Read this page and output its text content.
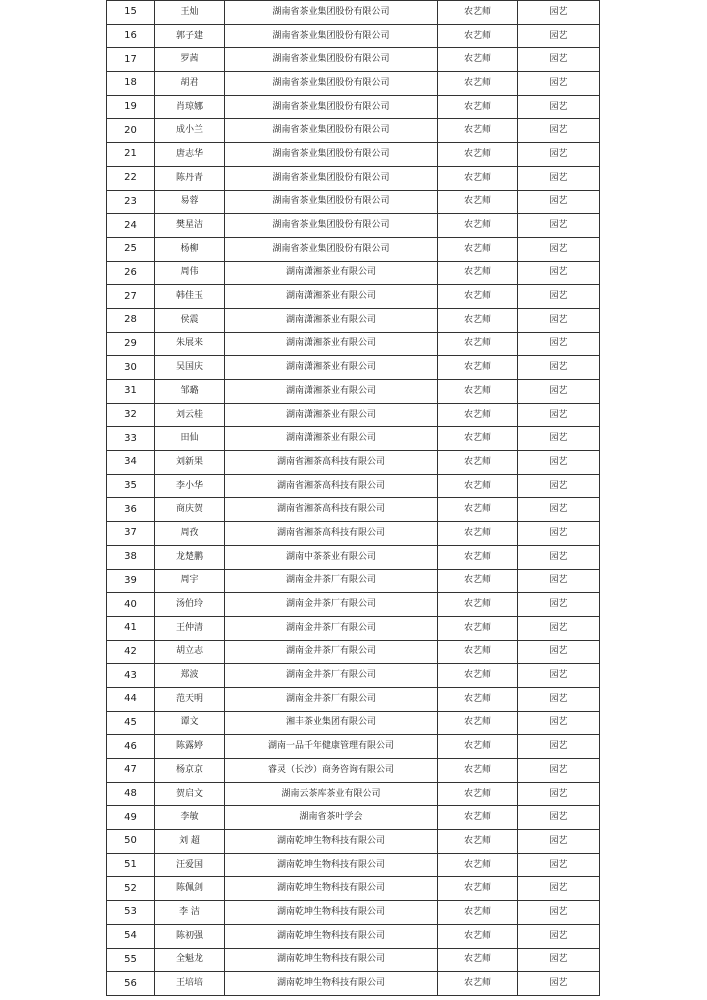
15	王灿	湖南省茶业集团股份有限公司	农艺师	园艺
16	郭子建	湖南省茶业集团股份有限公司	农艺师	园艺
17	罗茜	湖南省茶业集团股份有限公司	农艺师	园艺
18	胡君	湖南省茶业集团股份有限公司	农艺师	园艺
19	肖琼娜	湖南省茶业集团股份有限公司	农艺师	园艺
20	成小兰	湖南省茶业集团股份有限公司	农艺师	园艺
21	唐志华	湖南省茶业集团股份有限公司	农艺师	园艺
22	陈丹青	湖南省茶业集团股份有限公司	农艺师	园艺
23	易蓉	湖南省茶业集团股份有限公司	农艺师	园艺
24	樊星洁	湖南省茶业集团股份有限公司	农艺师	园艺
25	杨柳	湖南省茶业集团股份有限公司	农艺师	园艺
26	周伟	湖南潇湘茶业有限公司	农艺师	园艺
27	韩佳玉	湖南潇湘茶业有限公司	农艺师	园艺
28	侯震	湖南潇湘茶业有限公司	农艺师	园艺
29	朱展来	湖南潇湘茶业有限公司	农艺师	园艺
30	吴国庆	湖南潇湘茶业有限公司	农艺师	园艺
31	邹璐	湖南潇湘茶业有限公司	农艺师	园艺
32	刘云桂	湖南潇湘茶业有限公司	农艺师	园艺
33	田仙	湖南潇湘茶业有限公司	农艺师	园艺
34	刘新果	湖南省湘茶高科技有限公司	农艺师	园艺
35	李小华	湖南省湘茶高科技有限公司	农艺师	园艺
36	商庆贺	湖南省湘茶高科技有限公司	农艺师	园艺
37	周孜	湖南省湘茶高科技有限公司	农艺师	园艺
38	龙楚鹏	湖南中茶茶业有限公司	农艺师	园艺
39	周宇	湖南金井茶厂有限公司	农艺师	园艺
40	汤伯玲	湖南金井茶厂有限公司	农艺师	园艺
41	王仲清	湖南金井茶厂有限公司	农艺师	园艺
42	胡立志	湖南金井茶厂有限公司	农艺师	园艺
43	郑波	湖南金井茶厂有限公司	农艺师	园艺
44	范天明	湖南金井茶厂有限公司	农艺师	园艺
45	谭文	湘丰茶业集团有限公司	农艺师	园艺
46	陈露婷	湖南一品千年健康管理有限公司	农艺师	园艺
47	杨京京	睿灵（长沙）商务咨询有限公司	农艺师	园艺
48	贺启文	湖南云茶库茶业有限公司	农艺师	园艺
49	李敏	湖南省茶叶学会	农艺师	园艺
50	刘 超	湖南乾坤生物科技有限公司	农艺师	园艺
51	汪爱国	湖南乾坤生物科技有限公司	农艺师	园艺
52	陈佩剑	湖南乾坤生物科技有限公司	农艺师	园艺
53	李 洁	湖南乾坤生物科技有限公司	农艺师	园艺
54	陈初强	湖南乾坤生物科技有限公司	农艺师	园艺
55	全魁龙	湖南乾坤生物科技有限公司	农艺师	园艺
56	王培培	湖南乾坤生物科技有限公司	农艺师	园艺
